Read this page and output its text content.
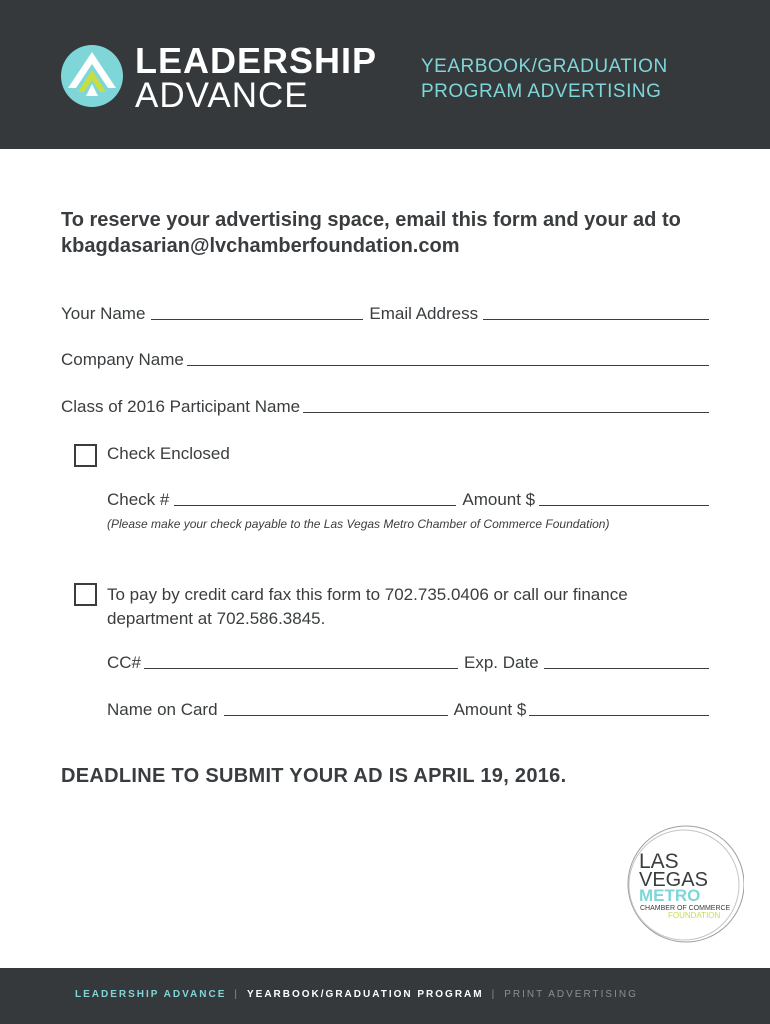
LEADERSHIP
ADVANCE
YEARBOOK/GRADUATION
PROGRAM ADVERTISING
To reserve your advertising space, email this form and your ad to kbagdasarian@lvchamberfoundation.com
Your Name	Email Address
Company Name
Class of 2016 Participant Name
Check Enclosed
Check #	Amount $
(Please make your check payable to the Las Vegas Metro Chamber of Commerce Foundation)
To pay by credit card fax this form to 702.735.0406 or call our finance department at 702.586.3845.
CC#	Exp. Date
Name on Card	Amount $
DEADLINE TO SUBMIT YOUR AD IS APRIL 19, 2016.
LAS
VEGAS
METRO
CHAMBER OF COMMERCE
FOUNDATION
LEADERSHIP ADVANCE | YEARBOOK/GRADUATION PROGRAM | PRINT ADVERTISING
